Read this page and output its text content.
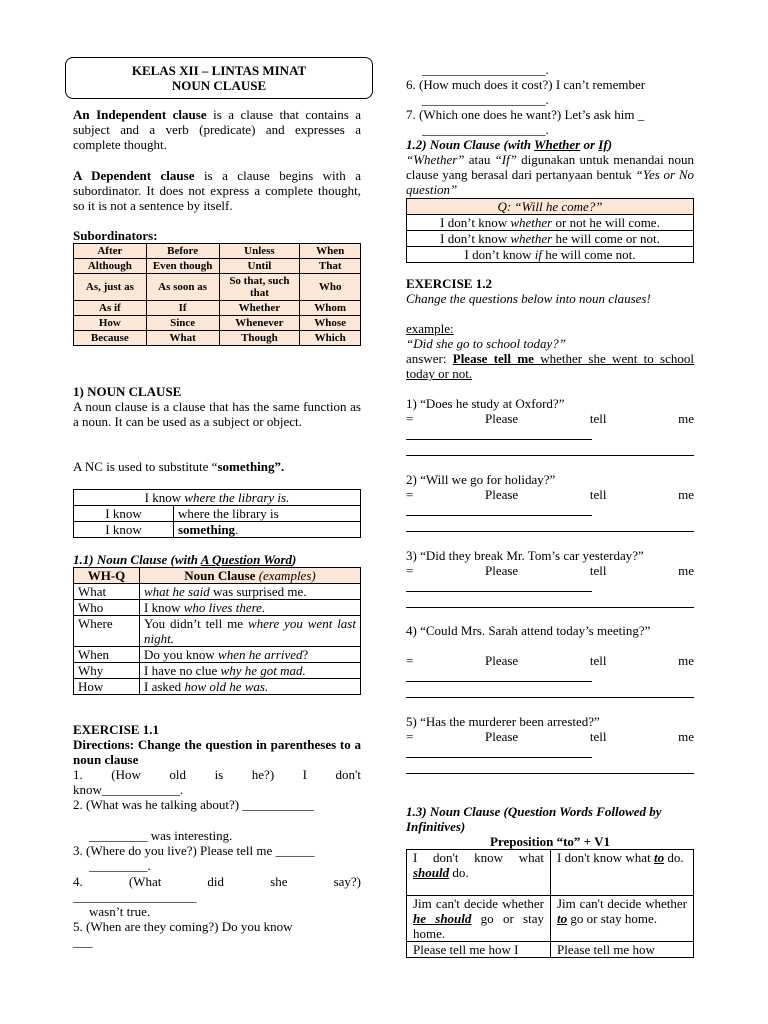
KELAS XII – LINTAS MINAT
NOUN CLAUSE

An Independent clause is a clause that contains a subject and a verb (predicate) and expresses a complete thought.

A Dependent clause is a clause begins with a subordinator. It does not express a complete thought, so it is not a sentence by itself.

Subordinators:

After	Before	Unless	When
Although	Even though	Until	That
As, just as	As soon as	So that, such that	Who
As if	If	Whether	Whom
How	Since	Whenever	Whose
Because	What	Though	Which

1) NOUN CLAUSE

A noun clause is a clause that has the same function as a noun. It can be used as a subject or object.

A NC is used to substitute “something”.

I know where the library is.	
I know	where the library is
I know	something.

1.1) Noun Clause (with A Question Word)

WH-Q	Noun Clause (examples)
What	what he said was surprised me.
Who	I know who lives there.
Where	You didn’t tell me where you went last night.
When	Do you know when he arrived?
Why	I have no clue why he got mad.
How	I asked how old he was.

EXERCISE 1.1

Directions: Change the question in parentheses to a noun clause

1. (How old is he?) I don't
know____________.

2. (What was he talking about?) ___________

_________ was interesting.

3. (Where do you live?) Please tell me ______

_________.

4. (What did she say?)

___________________

wasn’t true.

5. (When are they coming?) Do you know

___

___________________.

6. (How much does it cost?) I can’t remember

___________________.

7. (Which one does he want?) Let’s ask him _

___________________.

1.2) Noun Clause (with Whether or If)

“Whether” atau “If” digunakan untuk menandai noun clause yang berasal dari pertanyaan bentuk “Yes or No question”

Q: “Will he come?”
I don’t know whether or not he will come.
I don’t know whether he will come or not.
I don’t know if he will come not.

EXERCISE 1.2

Change the questions below into noun clauses!

example:

“Did she go to school today?”

answer: Please tell me whether she went to school today or not.

1) “Does he study at Oxford?”

=	Please	tell	me

2) “Will we go for holiday?”

=	Please	tell	me

3) “Did they break Mr. Tom’s car yesterday?”

=	Please	tell	me

4) “Could Mrs. Sarah attend today’s meeting?”

=	Please	tell	me

5) “Has the murderer been arrested?”

=	Please	tell	me

1.3) Noun Clause (Question Words Followed by Infinitives)

Preposition “to” + V1

I don't know what should do.	I don't know what to do.
Jim can't decide whether he should go or stay home.	Jim can't decide whether to go or stay home.
Please tell me how I	Please tell me how
